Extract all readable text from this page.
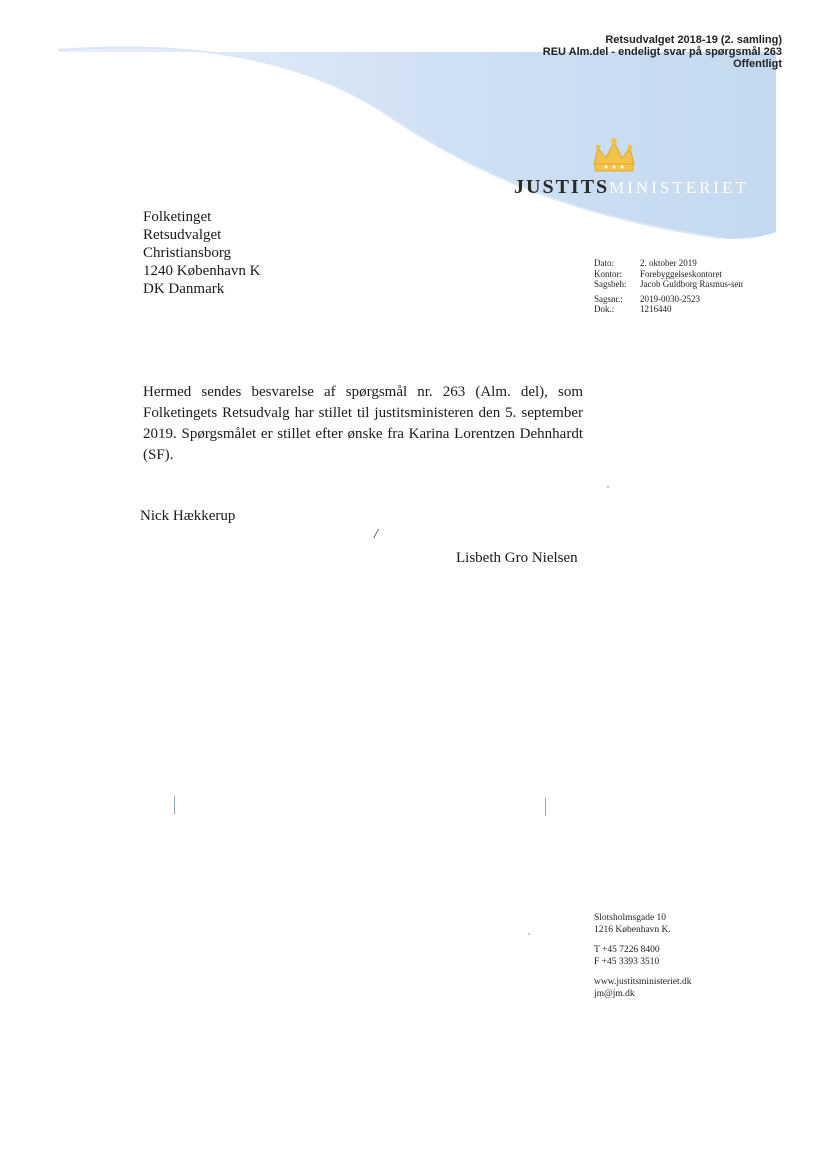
Retsudvalget 2018-19 (2. samling)
REU Alm.del - endeligt svar på spørgsmål 263
Offentligt
JUSTITSMINISTERIET
Folketinget
Retsudvalget
Christiansborg
1240 København K
DK Danmark
Dato:	2. oktober 2019
Kontor:	Forebyggelseskontoret
Sagsbeh:	Jacob Guldborg Rasmus-sen
Sagsnr.:	2019-0030-2523
Dok.:	1216440
Hermed sendes besvarelse af spørgsmål nr. 263 (Alm. del), som Folketingets Retsudvalg har stillet til justitsministeren den 5. september 2019. Spørgsmålet er stillet efter ønske fra Karina Lorentzen Dehnhardt (SF).
Nick Hækkerup
/
Lisbeth Gro Nielsen
Slotsholmsgade 10
1216 København K.
T +45 7226 8400
F +45 3393 3510
www.justitsministeriet.dk
jm@jm.dk
